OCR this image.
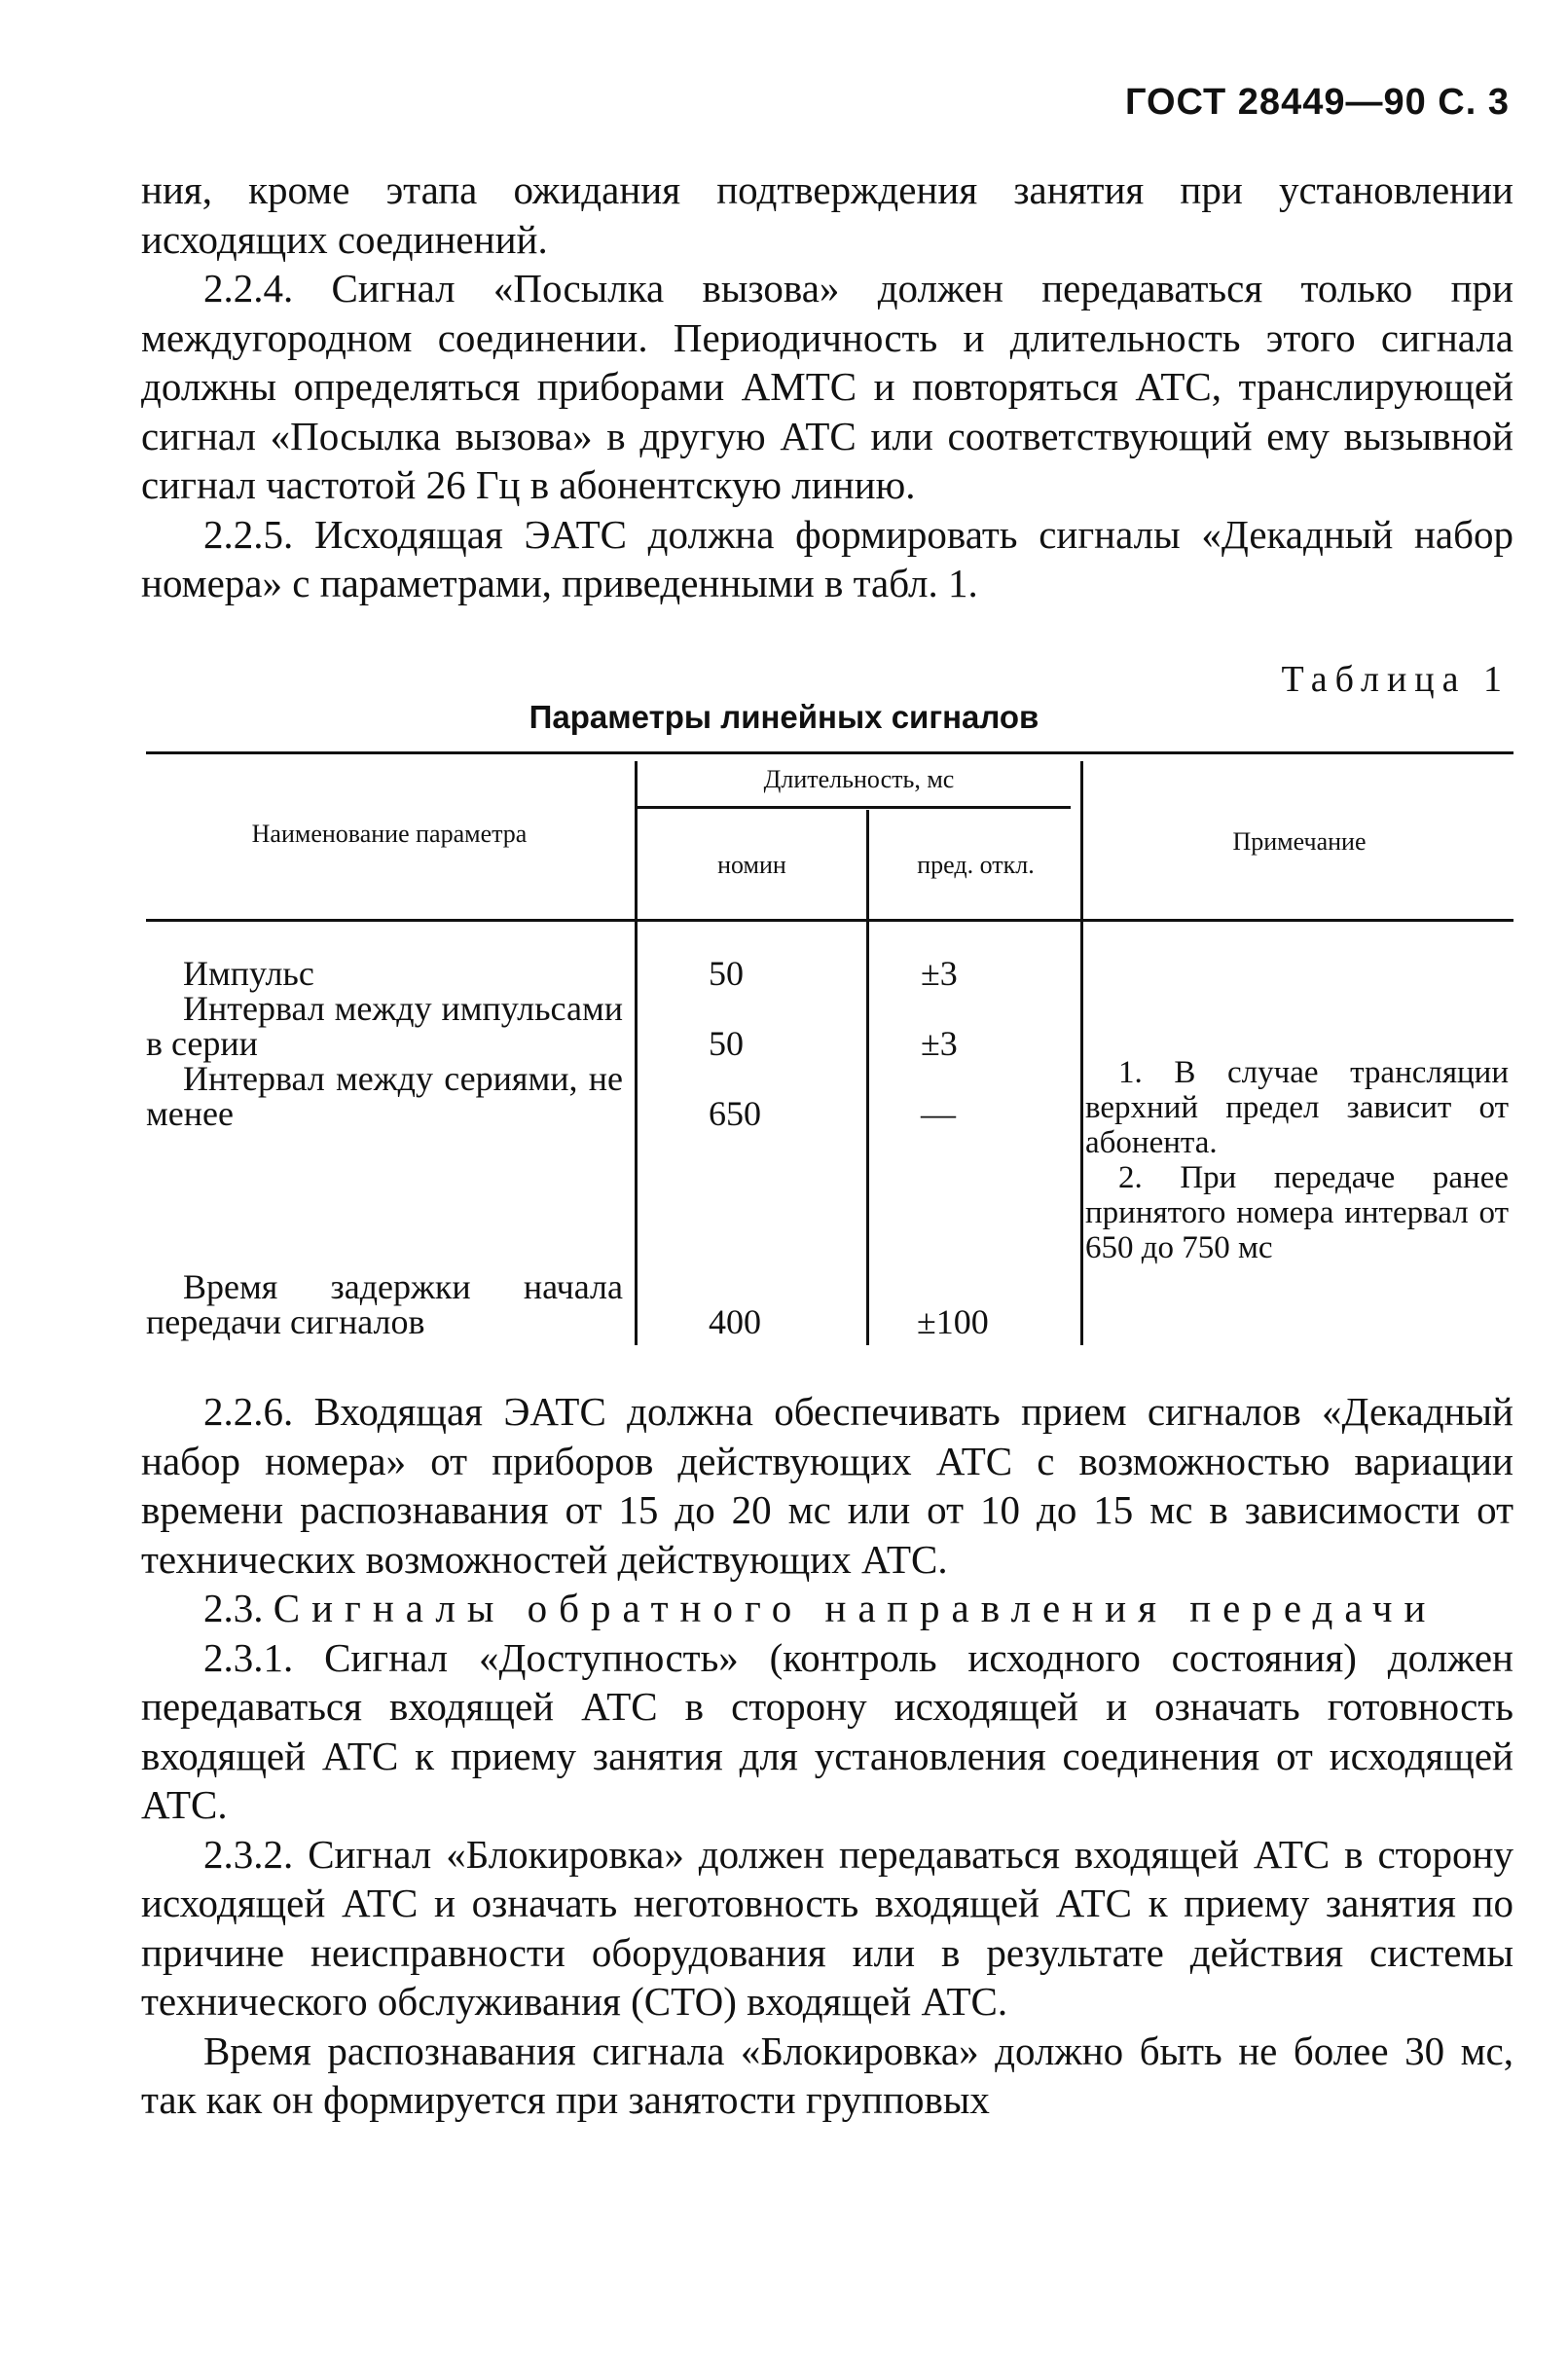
ГОСТ 28449—90 С. 3

ния, кроме этапа ожидания подтверждения занятия при установлении исходящих соединений.

2.2.4. Сигнал «Посылка вызова» должен передаваться только при междугородном соединении. Периодичность и длительность этого сигнала должны определяться приборами АМТС и повторяться АТС, транслирующей сигнал «Посылка вызова» в другую АТС или соответствующий ему вызывной сигнал частотой 26 Гц в абонентскую линию.

2.2.5. Исходящая ЭАТС должна формировать сигналы «Декадный набор номера» с параметрами, приведенными в табл. 1.

Таблица 1
Параметры линейных сигналов
Наименование параметра
Длительность, мс
номин	пред. откл.
Примечание
Импульс	50	±3
Интервал между импульсами в серии	50	±3
Интервал между сериями, не менее	650	—
Время задержки начала передачи сигналов	400	±100

1. В случае трансляции верхний предел зависит от абонента.

2. При передаче ранее принятого номера интервал от 650 до 750 мс

2.2.6. Входящая ЭАТС должна обеспечивать прием сигналов «Декадный набор номера» от приборов действующих АТС с возможностью вариации времени распознавания от 15 до 20 мс или от 10 до 15 мс в зависимости от технических возможностей действующих АТС.

2.3. Сигналы обратного направления передачи

2.3.1. Сигнал «Доступность» (контроль исходного состояния) должен передаваться входящей АТС в сторону исходящей и означать готовность входящей АТС к приему занятия для установления соединения от исходящей АТС.

2.3.2. Сигнал «Блокировка» должен передаваться входящей АТС в сторону исходящей АТС и означать неготовность входящей АТС к приему занятия по причине неисправности оборудования или в результате действия системы технического обслуживания (СТО) входящей АТС.

Время распознавания сигнала «Блокировка» должно быть не более 30 мс, так как он формируется при занятости групповых
